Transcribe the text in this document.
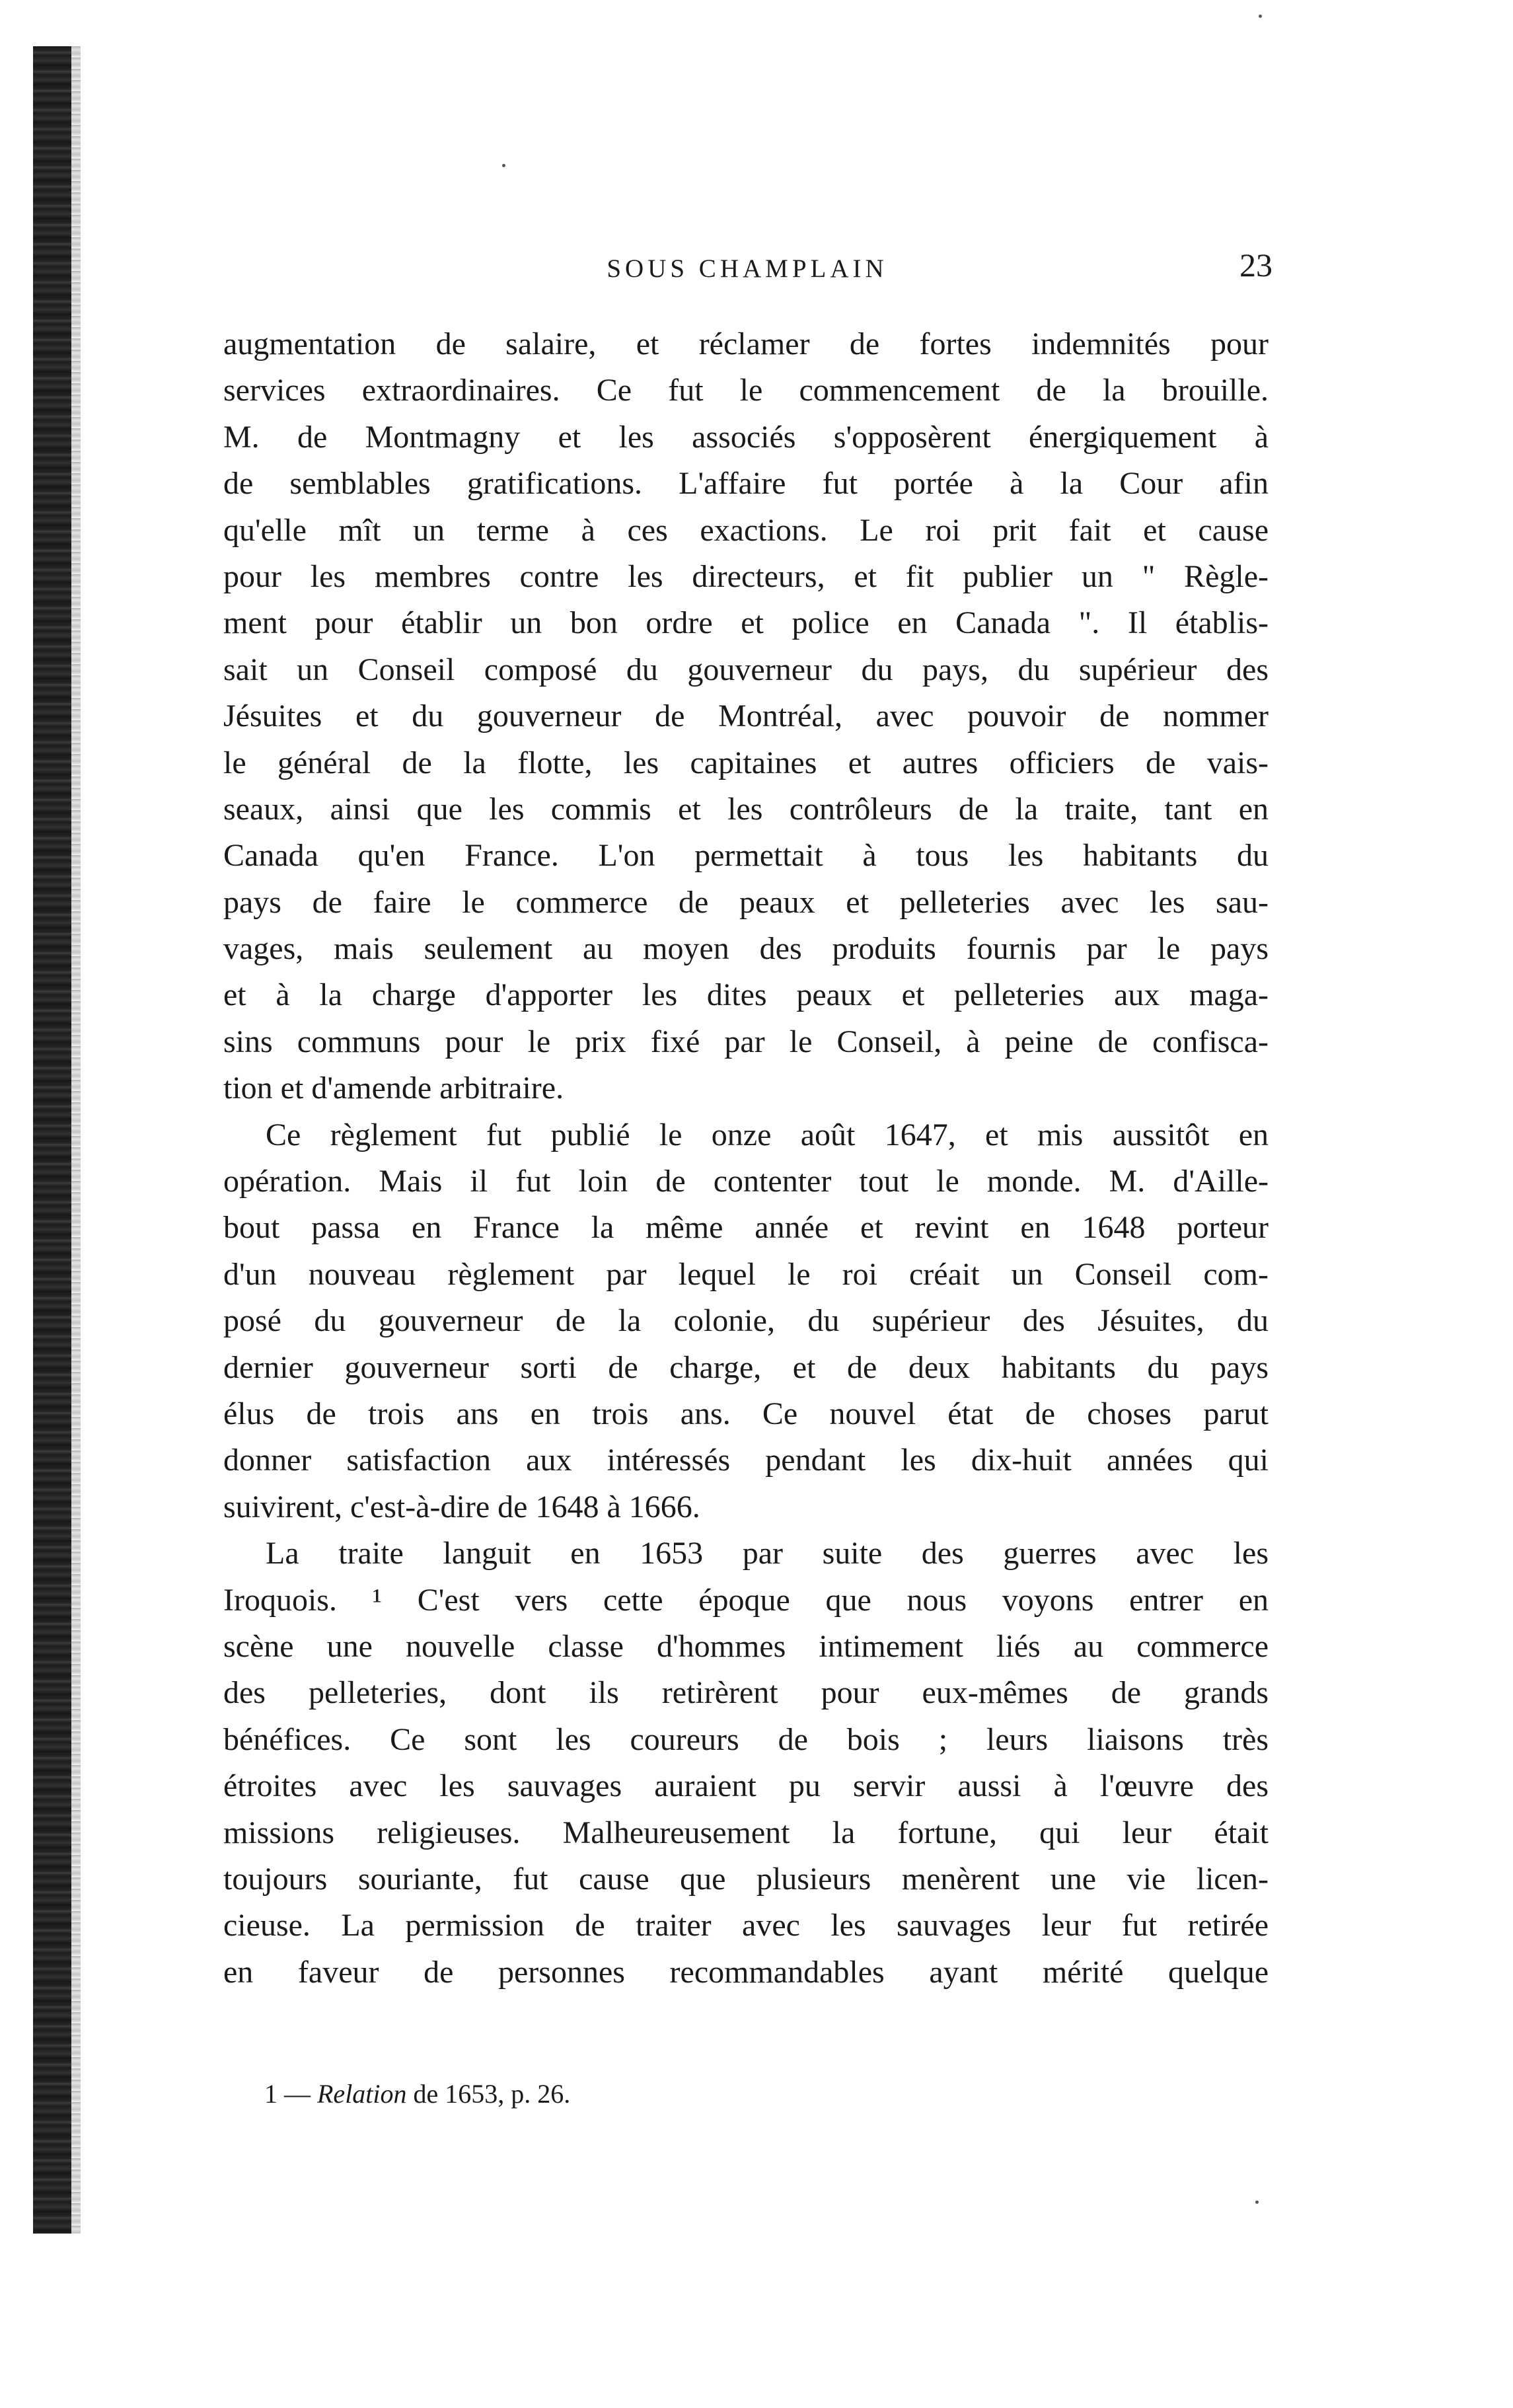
SOUS CHAMPLAIN	23
augmentation de salaire, et réclamer de fortes indemnités pour
services extraordinaires. Ce fut le commencement de la brouille.
M. de Montmagny et les associés s'opposèrent énergiquement à
de semblables gratifications. L'affaire fut portée à la Cour afin
qu'elle mît un terme à ces exactions. Le roi prit fait et cause
pour les membres contre les directeurs, et fit publier un " Règle-
ment pour établir un bon ordre et police en Canada ". Il établis-
sait un Conseil composé du gouverneur du pays, du supérieur des
Jésuites et du gouverneur de Montréal, avec pouvoir de nommer
le général de la flotte, les capitaines et autres officiers de vais-
seaux, ainsi que les commis et les contrôleurs de la traite, tant en
Canada qu'en France. L'on permettait à tous les habitants du
pays de faire le commerce de peaux et pelleteries avec les sau-
vages, mais seulement au moyen des produits fournis par le pays
et à la charge d'apporter les dites peaux et pelleteries aux maga-
sins communs pour le prix fixé par le Conseil, à peine de confisca-
tion et d'amende arbitraire.
Ce règlement fut publié le onze août 1647, et mis aussitôt en
opération. Mais il fut loin de contenter tout le monde. M. d'Aille-
bout passa en France la même année et revint en 1648 porteur
d'un nouveau règlement par lequel le roi créait un Conseil com-
posé du gouverneur de la colonie, du supérieur des Jésuites, du
dernier gouverneur sorti de charge, et de deux habitants du pays
élus de trois ans en trois ans. Ce nouvel état de choses parut
donner satisfaction aux intéressés pendant les dix-huit années qui
suivirent, c'est-à-dire de 1648 à 1666.
La traite languit en 1653 par suite des guerres avec les
Iroquois. ¹ C'est vers cette époque que nous voyons entrer en
scène une nouvelle classe d'hommes intimement liés au commerce
des pelleteries, dont ils retirèrent pour eux-mêmes de grands
bénéfices. Ce sont les coureurs de bois ; leurs liaisons très
étroites avec les sauvages auraient pu servir aussi à l'œuvre des
missions religieuses. Malheureusement la fortune, qui leur était
toujours souriante, fut cause que plusieurs menèrent une vie licen-
cieuse. La permission de traiter avec les sauvages leur fut retirée
en faveur de personnes recommandables ayant mérité quelque
1 — Relation de 1653, p. 26.
